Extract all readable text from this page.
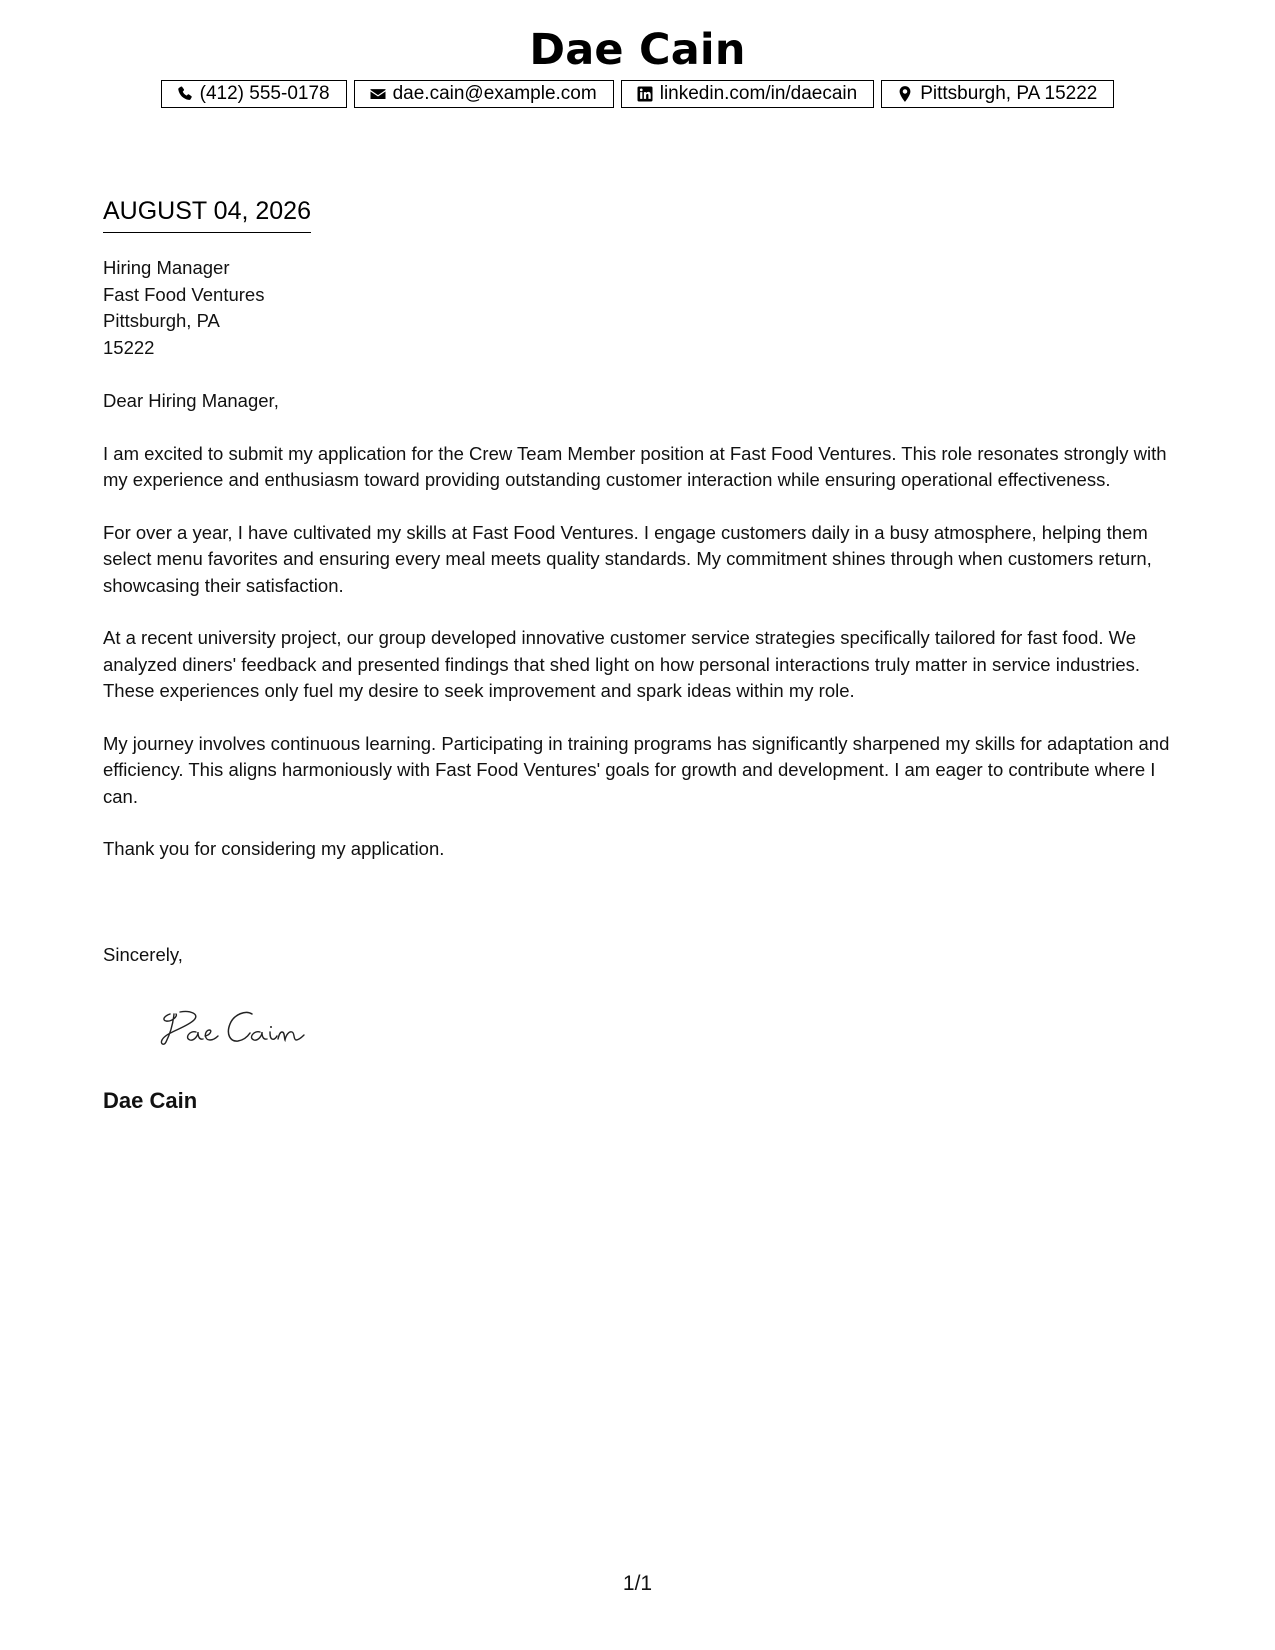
Dae Cain
(412) 555-0178	dae.cain@example.com	linkedin.com/in/daecain	Pittsburgh, PA 15222
AUGUST 04, 2026
Hiring Manager
Fast Food Ventures
Pittsburgh, PA
15222

Dear Hiring Manager,

I am excited to submit my application for the Crew Team Member position at Fast Food Ventures. This role resonates strongly with my experience and enthusiasm toward providing outstanding customer interaction while ensuring operational effectiveness.

For over a year, I have cultivated my skills at Fast Food Ventures. I engage customers daily in a busy atmosphere, helping them select menu favorites and ensuring every meal meets quality standards. My commitment shines through when customers return, showcasing their satisfaction.

At a recent university project, our group developed innovative customer service strategies specifically tailored for fast food. We analyzed diners' feedback and presented findings that shed light on how personal interactions truly matter in service industries. These experiences only fuel my desire to seek improvement and spark ideas within my role.

My journey involves continuous learning. Participating in training programs has significantly sharpened my skills for adaptation and efficiency. This aligns harmoniously with Fast Food Ventures' goals for growth and development. I am eager to contribute where I can.

Thank you for considering my application.

Sincerely,
Dae Cain
1/1
